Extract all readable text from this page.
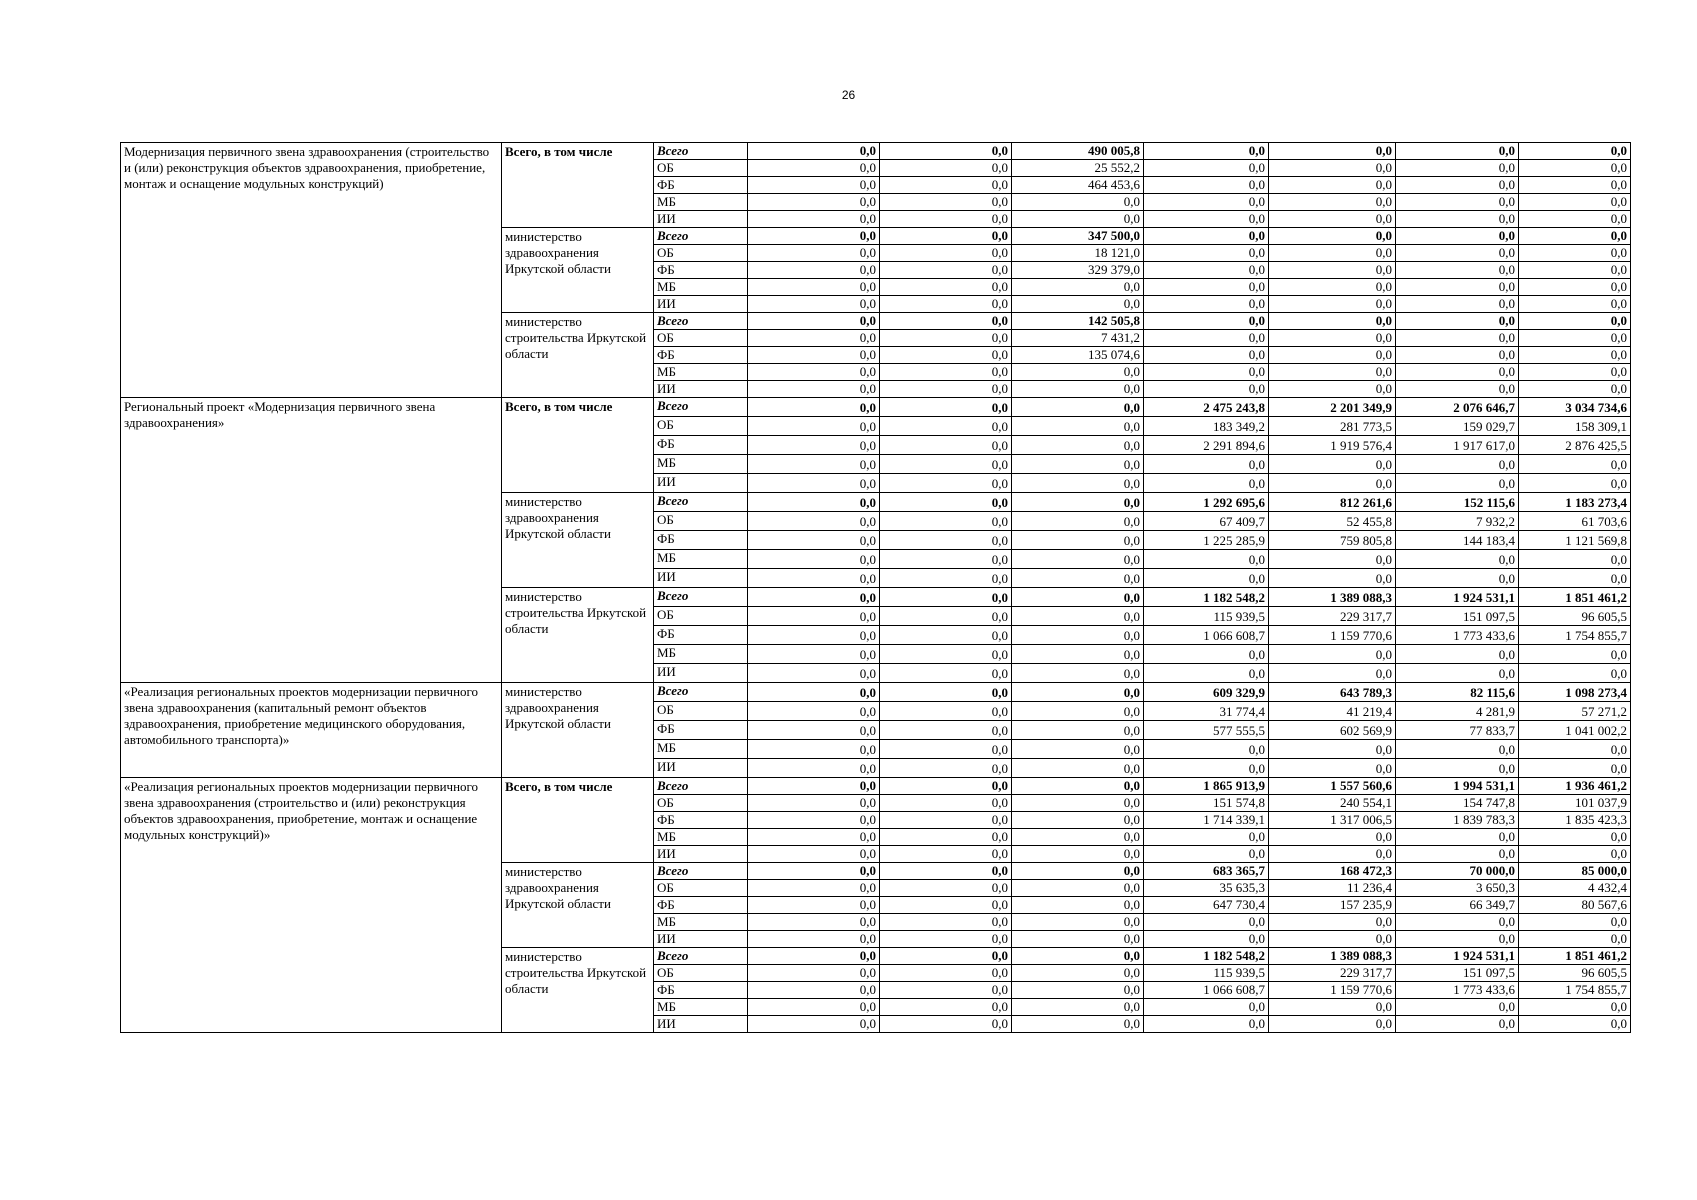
26
Модернизация первичного звена здравоохранения (строительство и (или) реконструкция объектов здравоохранения, приобретение, монтаж и оснащение модульных конструкций)	Всего, в том числе	Всего	0,0	0,0	490 005,8	0,0	0,0	0,0	0,0
		ОБ	0,0	0,0	25 552,2	0,0	0,0	0,0	0,0
		ФБ	0,0	0,0	464 453,6	0,0	0,0	0,0	0,0
		МБ	0,0	0,0	0,0	0,0	0,0	0,0	0,0
		ИИ	0,0	0,0	0,0	0,0	0,0	0,0	0,0
	министерство здравоохранения Иркутской области	Всего	0,0	0,0	347 500,0	0,0	0,0	0,0	0,0
		ОБ	0,0	0,0	18 121,0	0,0	0,0	0,0	0,0
		ФБ	0,0	0,0	329 379,0	0,0	0,0	0,0	0,0
		МБ	0,0	0,0	0,0	0,0	0,0	0,0	0,0
		ИИ	0,0	0,0	0,0	0,0	0,0	0,0	0,0
	министерство строительства Иркутской области	Всего	0,0	0,0	142 505,8	0,0	0,0	0,0	0,0
		ОБ	0,0	0,0	7 431,2	0,0	0,0	0,0	0,0
		ФБ	0,0	0,0	135 074,6	0,0	0,0	0,0	0,0
		МБ	0,0	0,0	0,0	0,0	0,0	0,0	0,0
		ИИ	0,0	0,0	0,0	0,0	0,0	0,0	0,0
Региональный проект «Модернизация первичного звена здравоохранения»	Всего, в том числе	Всего	0,0	0,0	0,0	2 475 243,8	2 201 349,9	2 076 646,7	3 034 734,6
		ОБ	0,0	0,0	0,0	183 349,2	281 773,5	159 029,7	158 309,1
		ФБ	0,0	0,0	0,0	2 291 894,6	1 919 576,4	1 917 617,0	2 876 425,5
		МБ	0,0	0,0	0,0	0,0	0,0	0,0	0,0
		ИИ	0,0	0,0	0,0	0,0	0,0	0,0	0,0
	министерство здравоохранения Иркутской области	Всего	0,0	0,0	0,0	1 292 695,6	812 261,6	152 115,6	1 183 273,4
		ОБ	0,0	0,0	0,0	67 409,7	52 455,8	7 932,2	61 703,6
		ФБ	0,0	0,0	0,0	1 225 285,9	759 805,8	144 183,4	1 121 569,8
		МБ	0,0	0,0	0,0	0,0	0,0	0,0	0,0
		ИИ	0,0	0,0	0,0	0,0	0,0	0,0	0,0
	министерство строительства Иркутской области	Всего	0,0	0,0	0,0	1 182 548,2	1 389 088,3	1 924 531,1	1 851 461,2
		ОБ	0,0	0,0	0,0	115 939,5	229 317,7	151 097,5	96 605,5
		ФБ	0,0	0,0	0,0	1 066 608,7	1 159 770,6	1 773 433,6	1 754 855,7
		МБ	0,0	0,0	0,0	0,0	0,0	0,0	0,0
		ИИ	0,0	0,0	0,0	0,0	0,0	0,0	0,0
«Реализация региональных проектов модернизации первичного звена здравоохранения (капитальный ремонт объектов здравоохранения, приобретение медицинского оборудования, автомобильного транспорта)»	министерство здравоохранения Иркутской области	Всего	0,0	0,0	0,0	609 329,9	643 789,3	82 115,6	1 098 273,4
		ОБ	0,0	0,0	0,0	31 774,4	41 219,4	4 281,9	57 271,2
		ФБ	0,0	0,0	0,0	577 555,5	602 569,9	77 833,7	1 041 002,2
		МБ	0,0	0,0	0,0	0,0	0,0	0,0	0,0
		ИИ	0,0	0,0	0,0	0,0	0,0	0,0	0,0
«Реализация региональных проектов модернизации первичного звена здравоохранения (строительство и (или) реконструкция объектов здравоохранения, приобретение, монтаж и оснащение модульных конструкций)»	Всего, в том числе	Всего	0,0	0,0	0,0	1 865 913,9	1 557 560,6	1 994 531,1	1 936 461,2
		ОБ	0,0	0,0	0,0	151 574,8	240 554,1	154 747,8	101 037,9
		ФБ	0,0	0,0	0,0	1 714 339,1	1 317 006,5	1 839 783,3	1 835 423,3
		МБ	0,0	0,0	0,0	0,0	0,0	0,0	0,0
		ИИ	0,0	0,0	0,0	0,0	0,0	0,0	0,0
	министерство здравоохранения Иркутской области	Всего	0,0	0,0	0,0	683 365,7	168 472,3	70 000,0	85 000,0
		ОБ	0,0	0,0	0,0	35 635,3	11 236,4	3 650,3	4 432,4
		ФБ	0,0	0,0	0,0	647 730,4	157 235,9	66 349,7	80 567,6
		МБ	0,0	0,0	0,0	0,0	0,0	0,0	0,0
		ИИ	0,0	0,0	0,0	0,0	0,0	0,0	0,0
	министерство строительства Иркутской области	Всего	0,0	0,0	0,0	1 182 548,2	1 389 088,3	1 924 531,1	1 851 461,2
		ОБ	0,0	0,0	0,0	115 939,5	229 317,7	151 097,5	96 605,5
		ФБ	0,0	0,0	0,0	1 066 608,7	1 159 770,6	1 773 433,6	1 754 855,7
		МБ	0,0	0,0	0,0	0,0	0,0	0,0	0,0
		ИИ	0,0	0,0	0,0	0,0	0,0	0,0	0,0
